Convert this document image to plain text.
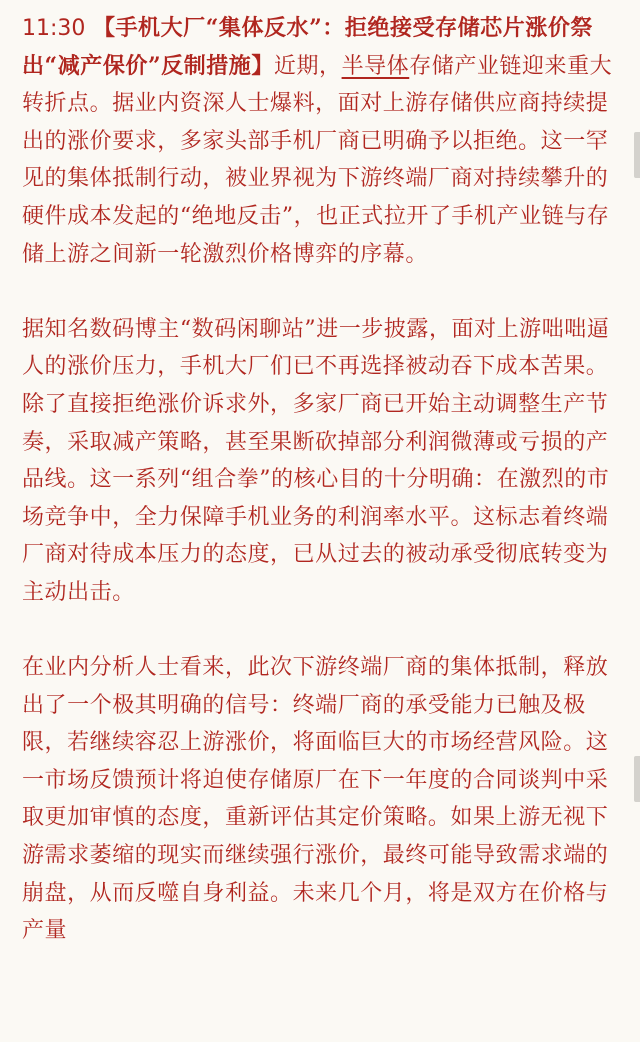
11:30 【手机大厂“集体反水”：拒绝接受存储芯片涨价祭出“减产保价”反制措施】近期，半导体存储产业链迎来重大转折点。据业内资深人士爆料，面对上游存储供应商持续提出的涨价要求，多家头部手机厂商已明确予以拒绝。这一罕见的集体抵制行动，被业界视为下游终端厂商对持续攀升的硬件成本发起的“绝地反击”，也正式拉开了手机产业链与存储上游之间新一轮激烈价格博弈的序幕。

据知名数码博主“数码闲聊站”进一步披露，面对上游咄咄逼人的涨价压力，手机大厂们已不再选择被动吞下成本苦果。除了直接拒绝涨价诉求外，多家厂商已开始主动调整生产节奏，采取减产策略，甚至果断砍掉部分利润微薄或亏损的产品线。这一系列“组合拳”的核心目的十分明确：在激烈的市场竞争中，全力保障手机业务的利润率水平。这标志着终端厂商对待成本压力的态度，已从过去的被动承受彻底转变为主动出击。

在业内分析人士看来，此次下游终端厂商的集体抵制，释放出了一个极其明确的信号：终端厂商的承受能力已触及极限，若继续容忍上游涨价，将面临巨大的市场经营风险。这一市场反馈预计将迫使存储原厂在下一年度的合同谈判中采取更加审慎的态度，重新评估其定价策略。如果上游无视下游需求萎缩的现实而继续强行涨价，最终可能导致需求端的崩盘，从而反噬自身利益。未来几个月，将是双方在价格与产量
